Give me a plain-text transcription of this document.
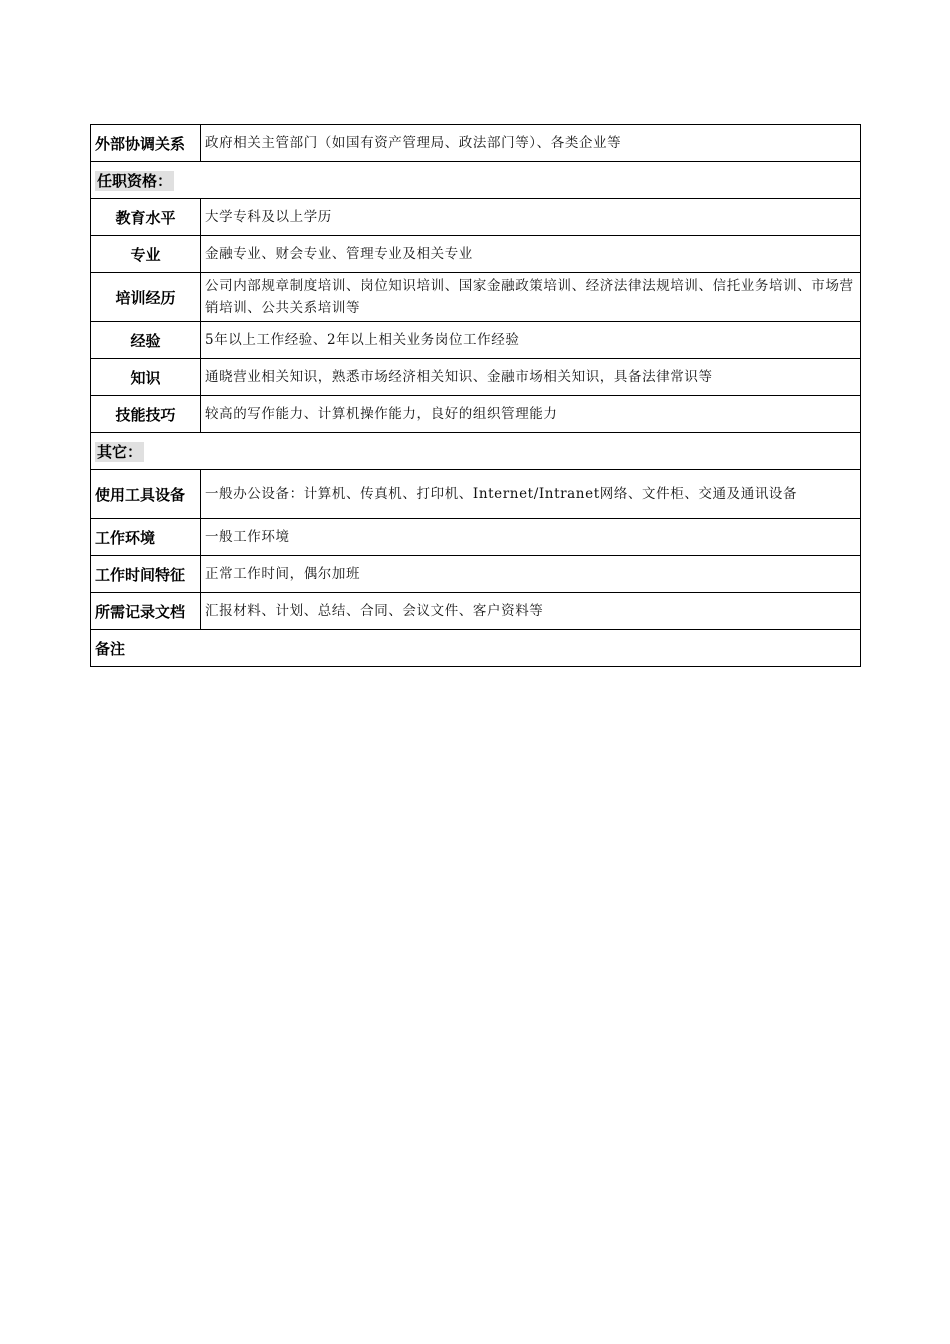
外部协调关系	政府相关主管部门（如国有资产管理局、政法部门等）、各类企业等
任职资格：	
教育水平	大学专科及以上学历
专业	金融专业、财会专业、管理专业及相关专业
培训经历	公司内部规章制度培训、岗位知识培训、国家金融政策培训、经济法律法规培训、信托业务培训、市场营销培训、公共关系培训等
经验	5年以上工作经验、2年以上相关业务岗位工作经验
知识	通晓营业相关知识，熟悉市场经济相关知识、金融市场相关知识，具备法律常识等
技能技巧	较高的写作能力、计算机操作能力，良好的组织管理能力
其它：	
使用工具设备	一般办公设备：计算机、传真机、打印机、Internet/Intranet网络、文件柜、交通及通讯设备
工作环境	一般工作环境
工作时间特征	正常工作时间，偶尔加班
所需记录文档	汇报材料、计划、总结、合同、会议文件、客户资料等
备注	
